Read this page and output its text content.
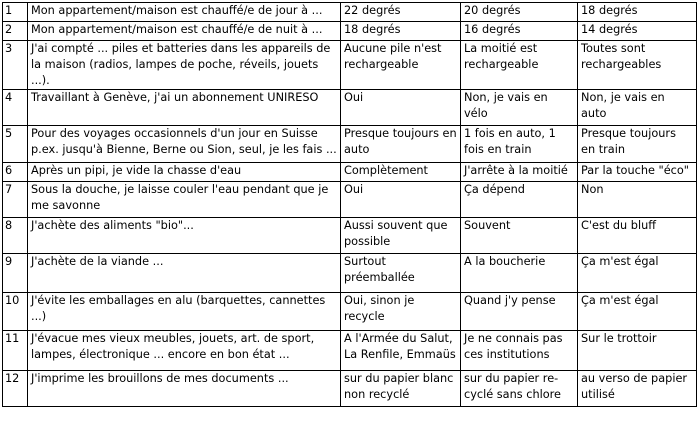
1	Mon appartement/maison est chauffé/e de jour à ...	22 degrés	20 degrés	18 degrés
2	Mon appartement/maison est chauffé/e de nuit à ...	18 degrés	16 degrés	14 degrés
3	J'ai compté ... piles et batteries dans les appareils de la maison (radios, lampes de poche, réveils, jouets ...).	Aucune pile n'est rechargeable	La moitié est rechargeable	Toutes sont rechargeables
4	Travaillant à Genève, j'ai un abonnement UNIRESO	Oui	Non, je vais en vélo	Non, je vais en auto
5	Pour des voyages occasionnels d'un jour en Suisse p.ex. jusqu'à Bienne, Berne ou Sion, seul, je les fais ...	Presque toujours en auto	1 fois en auto, 1 fois en train	Presque toujours en train
6	Après un pipi, je vide la chasse d'eau	Complètement	J'arrête à la moitié	Par la touche "éco"
7	Sous la douche, je laisse couler l'eau pendant que je me savonne	Oui	Ça dépend	Non
8	J'achète des aliments "bio"...	Aussi souvent que possible	Souvent	C'est du bluff
9	J'achète de la viande ...	Surtout préemballée	A la boucherie	Ça m'est égal
10	J'évite les emballages en alu (barquettes, cannettes ...)	Oui, sinon je recycle	Quand j'y pense	Ça m'est égal
11	J'évacue mes vieux meubles, jouets, art. de sport, lampes, électronique ... encore en bon état ...	A l'Armée du Salut, La Renfile, Emmaüs	Je ne connais pas ces institutions	Sur le trottoir
12	J'imprime les brouillons de mes documents ...	sur du papier blanc non recyclé	sur du papier re-cyclé sans chlore	au verso de papier utilisé
